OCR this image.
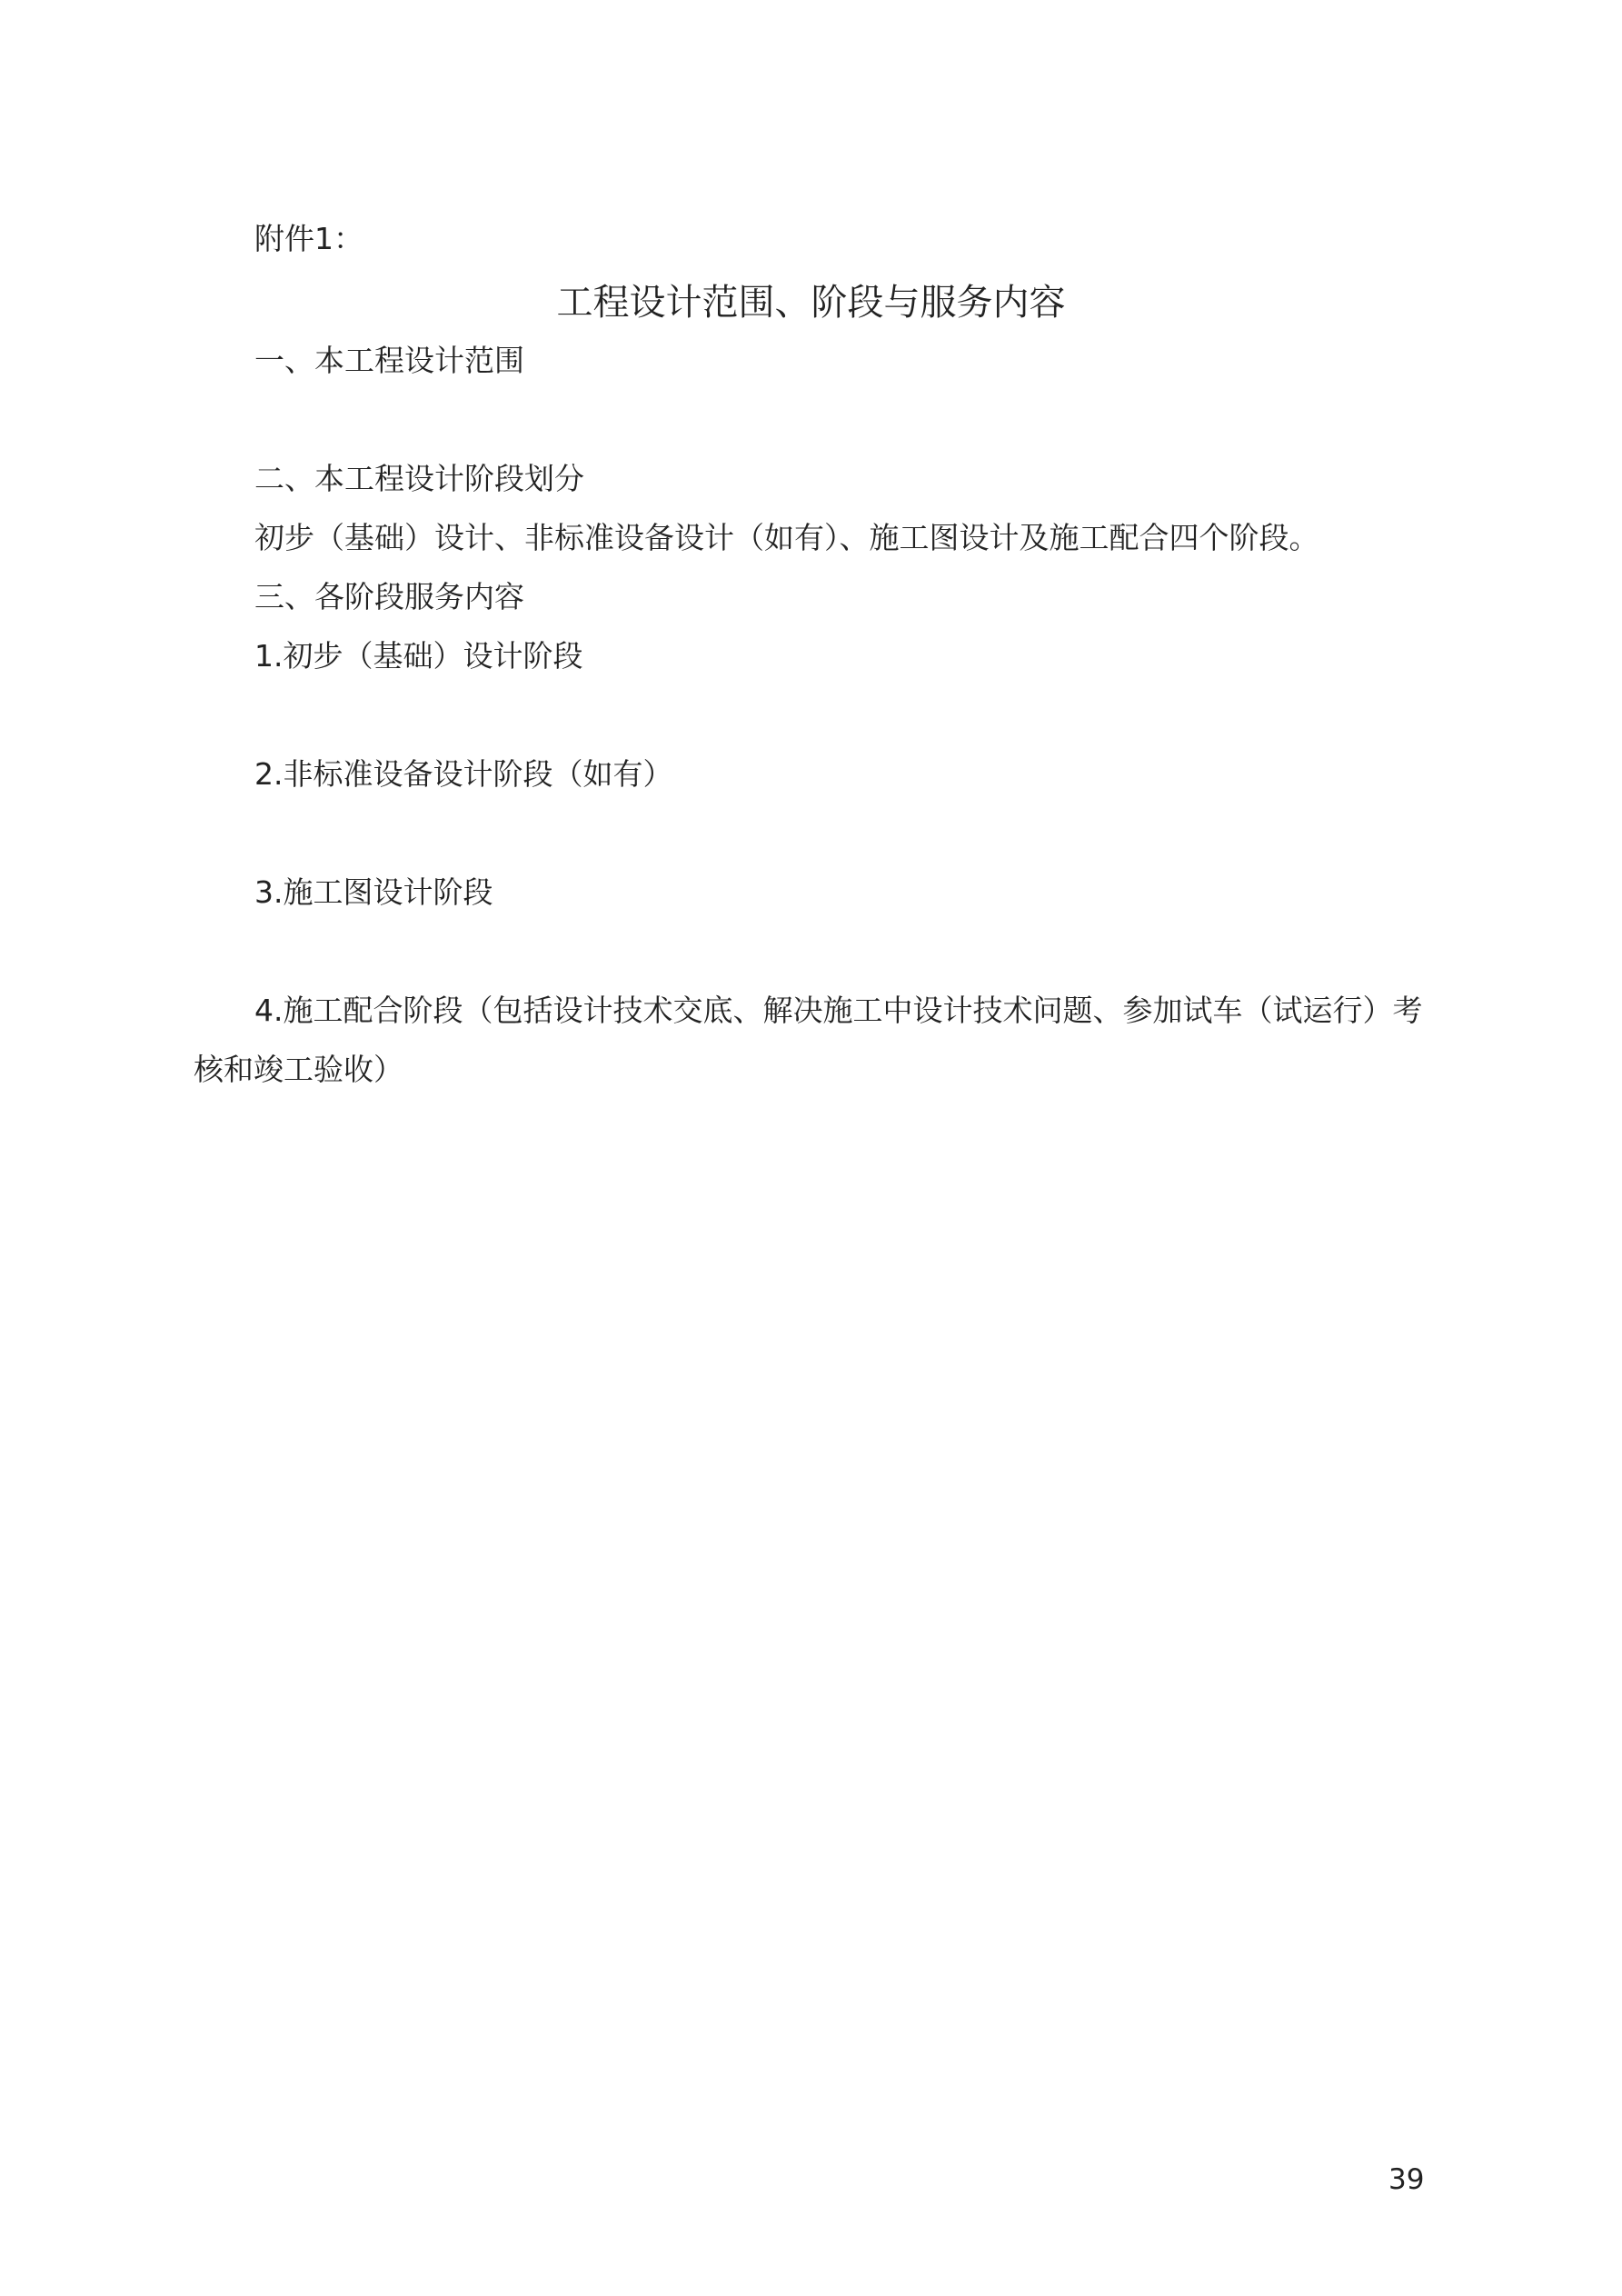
附件1：
工程设计范围、阶段与服务内容
一、本工程设计范围
二、本工程设计阶段划分
初步（基础）设计、非标准设备设计（如有）、施工图设计及施工配合四个阶段。
三、各阶段服务内容
1.初步（基础）设计阶段
2.非标准设备设计阶段（如有）
3.施工图设计阶段
4.施工配合阶段（包括设计技术交底、解决施工中设计技术问题、参加试车（试运行）考
核和竣工验收）
39
